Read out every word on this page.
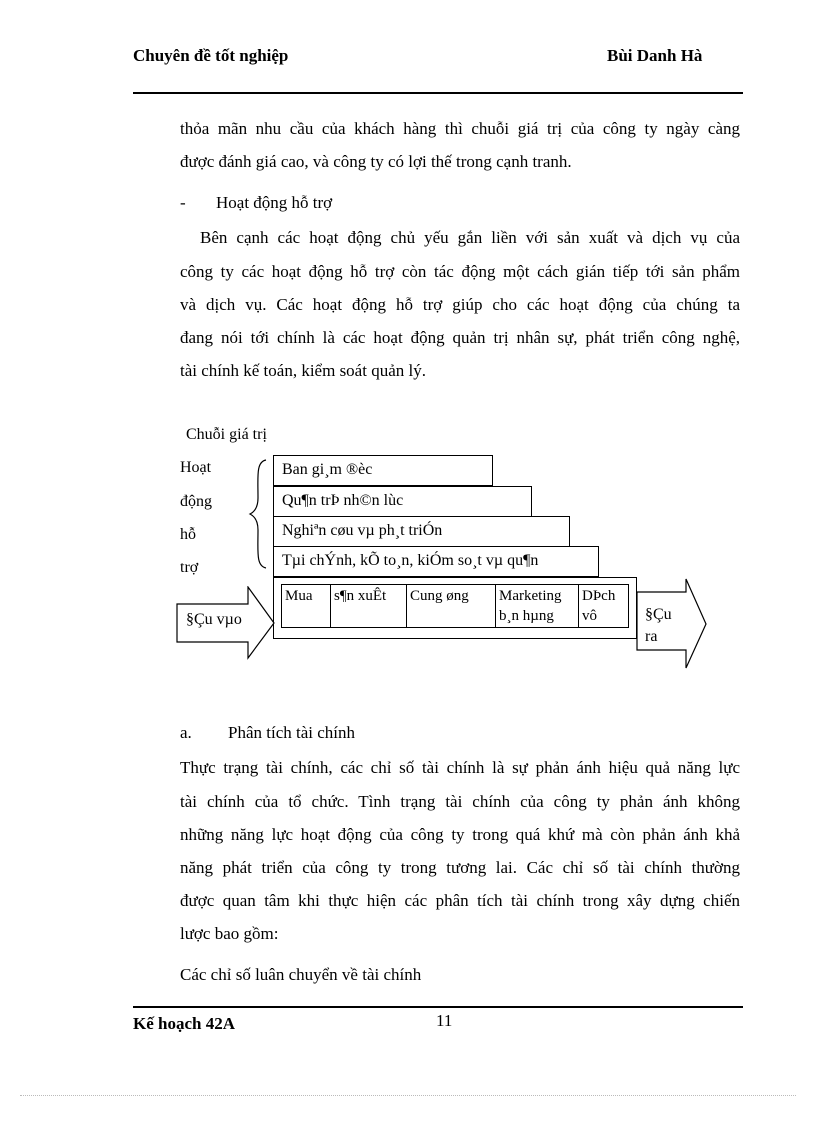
Chuyên đề tốt nghiệp	Bùi Danh Hà
thỏa mãn nhu cầu của khách hàng thì chuỗi giá trị của công ty ngày càng
được đánh giá cao, và công ty có lợi thế trong cạnh tranh.
- Hoạt động hỗ trợ
Bên cạnh các hoạt động chủ yếu gắn liền với sản xuất và dịch vụ của
công ty các hoạt động hỗ trợ còn tác động một cách gián tiếp tới sản phẩm
và dịch vụ. Các hoạt động hỗ trợ giúp cho các hoạt động của chúng ta
đang nói tới chính là các hoạt động quản trị nhân sự, phát triển công nghệ,
tài chính kế toán, kiểm soát quản lý.
Chuỗi giá trị
Hoạt
động
hỗ
trợ
Ban gi¸m ®èc
Qu¶n trÞ nh©n lùc
Nghiªn cøu vµ ph¸t triÓn
Tµi chÝnh, kÕ to¸n, kiÓm so¸t vµ qu¶n
Mua	s¶n xuÊt	Cung øng	Marketing b¸n hµng
DÞch vô
§Çu vµo	§Çu ra
a. Phân tích tài chính
Thực trạng tài chính, các chỉ số tài chính là sự phản ánh hiệu quả năng lực
tài chính của tổ chức. Tình trạng tài chính của công ty phản ánh không
những năng lực hoạt động của công ty trong quá khứ mà còn phản ánh khả
năng phát triển của công ty trong tương lai. Các chỉ số tài chính thường
được quan tâm khi thực hiện các phân tích tài chính trong xây dựng chiến
lược bao gồm:
Các chỉ số luân chuyển về tài chính
Kế hoạch 42A	11
